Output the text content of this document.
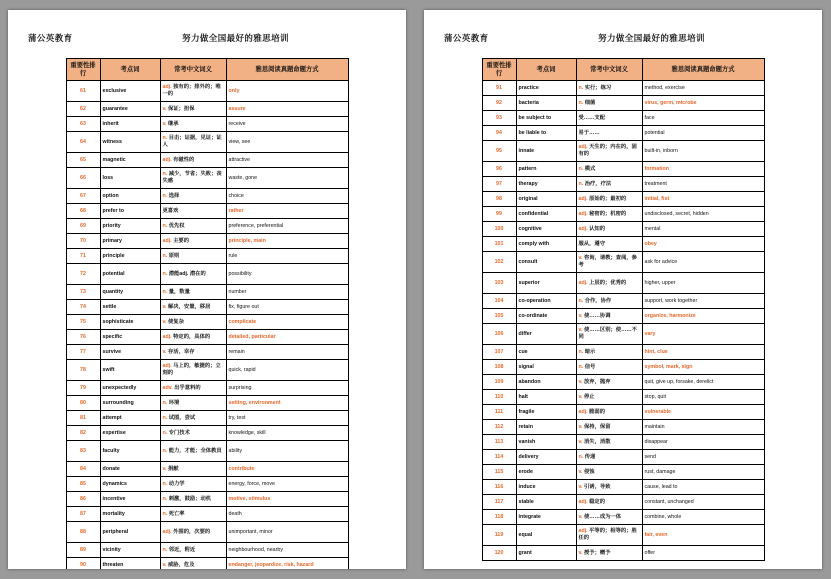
蒲公英教育	努力做全国最好的雅思培训
重要性排行	考点词	常考中文词义	雅思阅读真题命题方式
61	exclusive	adj. 独有的；排外的；唯一的	only
62	guarantee	v. 保证；担保	assure
63	inherit	v. 继承	receive
64	witness	n. 目击；证据，见证；证人	view, see
65	magnetic	adj. 有磁性的	attractive
66	loss	n. 减少，节省；失败；丧失感	waste, gone
67	option	n. 选择	choice
68	prefer to	更喜欢	rather
69	priority	n. 优先权	preference, preferential
70	primary	adj. 主要的	principle, main
71	principle	n. 原则	rule
72	potential	n. 潜能adj. 潜在的	possibility
73	quantity	n. 量，数量	number
74	settle	v. 解决，安置，移居	fix, figure out
75	sophisticate	v. 使复杂	complicate
76	specific	adj. 特定的，具体的	detailed, particular
77	survive	v. 存活，幸存	remain
78	swift	adj. 马上的，敏捷的；立刻的	quick, rapid
79	unexpectedly	adv. 出乎意料的	surprising
80	surrounding	n. 环境	setting, environment
81	attempt	n. 试图，尝试	try, test
82	expertise	n. 专门技术	knowledge, skill
83	faculty	n. 能力，才能；全体教员	ability
84	donate	v. 捐献	contribute
85	dynamics	n. 动力学	energy, force, move
86	incentive	n. 刺激，鼓励；动机	motive, stimulus
87	mortality	n. 死亡率	death
88	peripheral	adj. 外围的，次要的	unimportant, minor
89	vicinity	n. 邻近，附近	neighbourhood, nearby
90	threaten	v. 威胁，危及	endanger, jeopardize, risk, hazard
蒲公英教育	努力做全国最好的雅思培训
重要性排行	考点词	常考中文词义	雅思阅读真题命题方式
91	practice	n. 实行；练习	method, exercise
92	bacteria	n. 细菌	virus, germ, microbe
93	be subject to	受……支配	face
94	be liable to	易于……	potential
95	innate	adj. 天生的；内在的，固有的	built-in, inborn
96	pattern	n. 模式	formation
97	therapy	n. 治疗，疗法	treatment
98	original	adj. 原始的；最初的	initial, fist
99	confidential	adj. 秘密的；机密的	undisclosed, secret, hidden
100	cognitive	adj. 认知的	mental
101	comply with	服从，遵守	obey
102	consult	v. 咨询，请教；查阅，参考	ask for advice
103	superior	adj. 上层的；优秀的	higher, upper
104	co-operation	n. 合作，协作	support, work together
105	co-ordinate	v. 使……协调	organize, harmonize
106	differ	v. 使……区别；使……不同	vary
107	cue	n. 暗示	hint, clue
108	signal	n. 信号	symbol, mark, sign
109	abandon	v. 放弃，抛弃	quit, give up, forsake, derelict
110	halt	v. 停止	stop, quit
111	fragile	adj. 脆弱的	vulnerable
112	retain	v. 保持，保留	maintain
113	vanish	v. 消失，消散	disappear
114	delivery	n. 传递	send
115	erode	v. 侵蚀	rust, damage
116	induce	v. 引诱，导致	cause, lead to
117	stable	adj. 稳定的	constant, unchanged
118	integrate	v. 使……成为一体	combine, whole
119	equal	adj. 平等的；相等的；胜任的	fair, even
120	grant	v. 授予；赠予	offer
